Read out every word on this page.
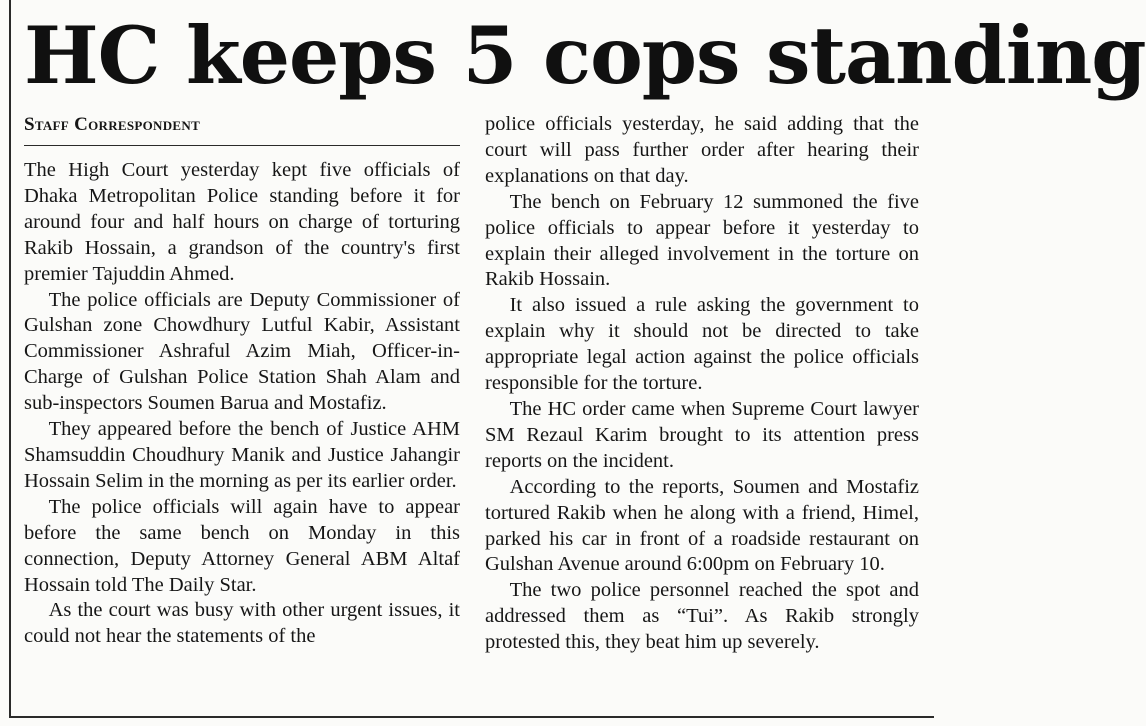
HC keeps 5 cops standing
Staff Correspondent

The High Court yesterday kept five officials of Dhaka Metropolitan Police standing before it for around four and half hours on charge of torturing Rakib Hossain, a grandson of the country's first premier Tajuddin Ahmed.

The police officials are Deputy Commissioner of Gulshan zone Chowdhury Lutful Kabir, Assistant Commissioner Ashraful Azim Miah, Officer-in-Charge of Gulshan Police Station Shah Alam and sub-inspectors Soumen Barua and Mostafiz.

They appeared before the bench of Justice AHM Shamsuddin Choudhury Manik and Justice Jahangir Hossain Selim in the morning as per its earlier order.

The police officials will again have to appear before the same bench on Monday in this connection, Deputy Attorney General ABM Altaf Hossain told The Daily Star.

As the court was busy with other urgent issues, it could not hear the statements of the

police officials yesterday, he said adding that the court will pass further order after hearing their explanations on that day.

The bench on February 12 summoned the five police officials to appear before it yesterday to explain their alleged involvement in the torture on Rakib Hossain.

It also issued a rule asking the government to explain why it should not be directed to take appropriate legal action against the police officials responsible for the torture.

The HC order came when Supreme Court lawyer SM Rezaul Karim brought to its attention press reports on the incident.

According to the reports, Soumen and Mostafiz tortured Rakib when he along with a friend, Himel, parked his car in front of a roadside restaurant on Gulshan Avenue around 6:00pm on February 10.

The two police personnel reached the spot and addressed them as “Tui”. As Rakib strongly protested this, they beat him up severely.
